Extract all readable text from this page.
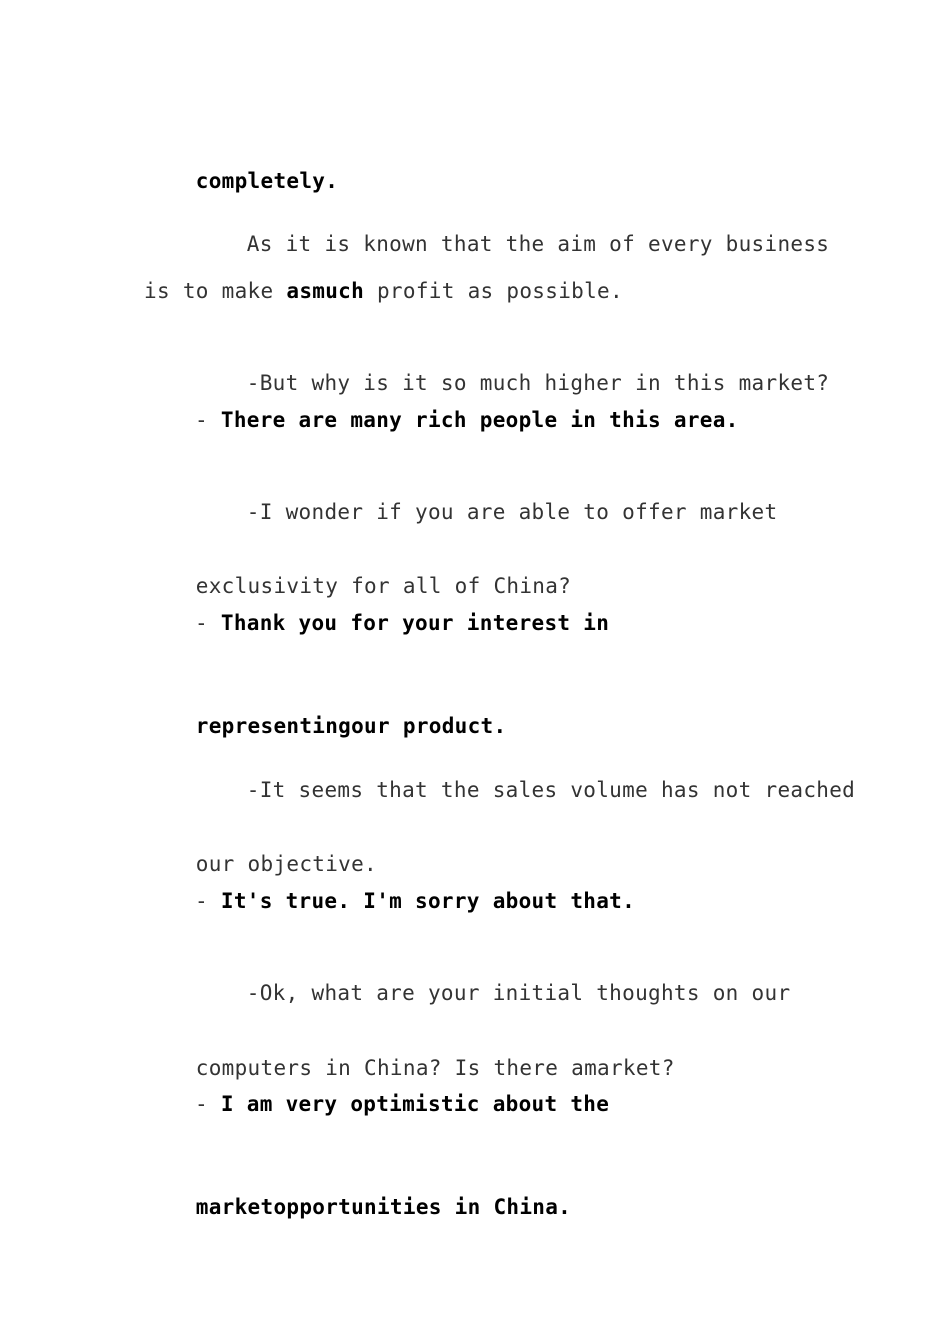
completely.

As it is known that the aim of every business

is to make asmuch profit as possible.

-But why is it so much higher in this market?

- There are many rich people in this area.

-I wonder if you are able to offer market

exclusivity for all of China?

- Thank you for your interest in

representingour product.

-It seems that the sales volume has not reached

our objective.

- It's true. I'm sorry about that.

-Ok, what are your initial thoughts on our

computers in China? Is there amarket?

- I am very optimistic about the

marketopportunities in China.
